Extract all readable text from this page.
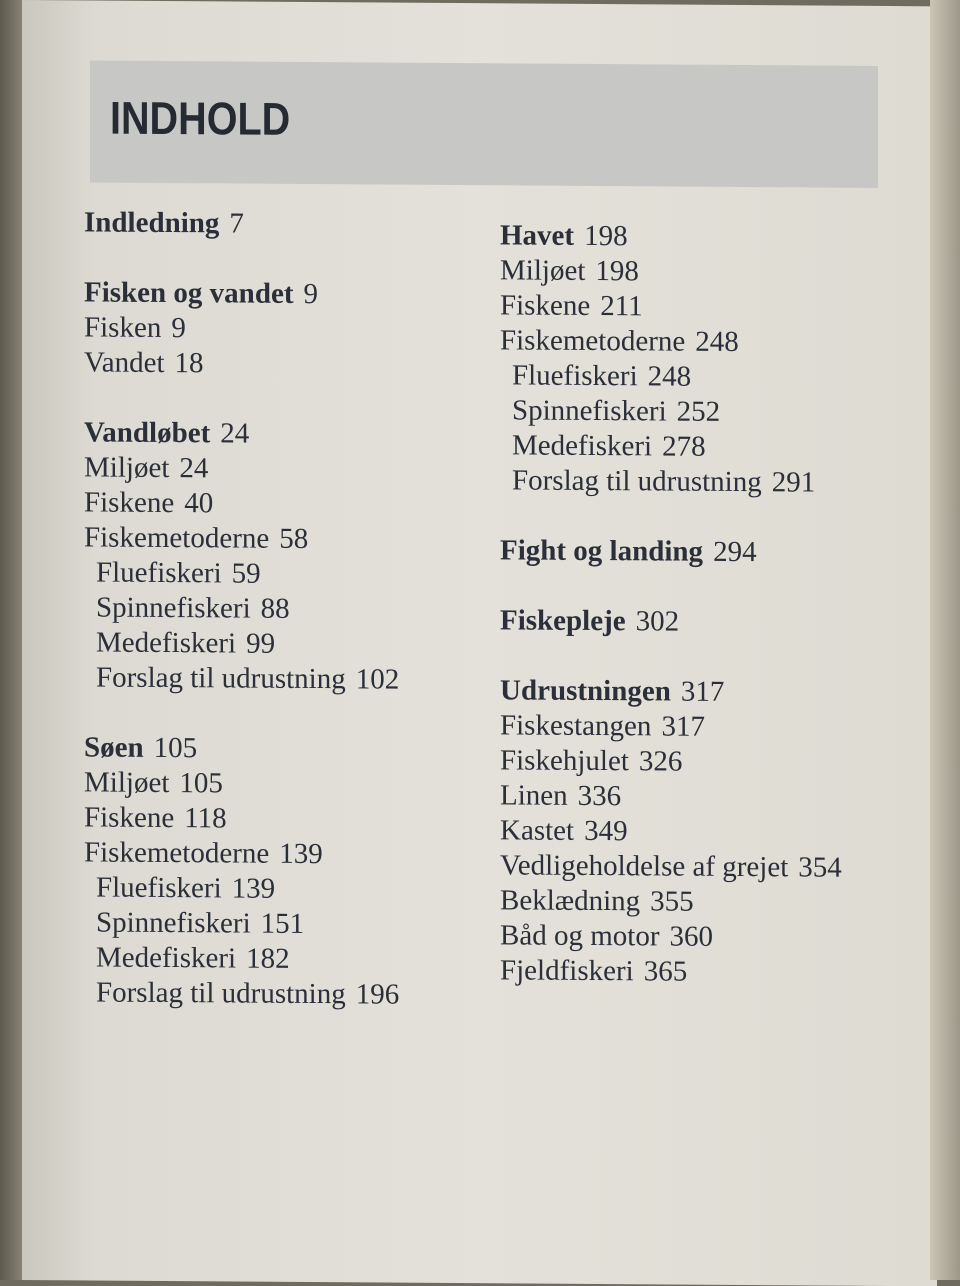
INDHOLD
Indledning 7
Fisken og vandet 9
Fisken 9
Vandet 18
Vandløbet 24
Miljøet 24
Fiskene 40
Fiskemetoderne 58
Fluefiskeri 59
Spinnefiskeri 88
Medefiskeri 99
Forslag til udrustning 102
Søen 105
Miljøet 105
Fiskene 118
Fiskemetoderne 139
Fluefiskeri 139
Spinnefiskeri 151
Medefiskeri 182
Forslag til udrustning 196
Havet 198
Miljøet 198
Fiskene 211
Fiskemetoderne 248
Fluefiskeri 248
Spinnefiskeri 252
Medefiskeri 278
Forslag til udrustning 291
Fight og landing 294
Fiskepleje 302
Udrustningen 317
Fiskestangen 317
Fiskehjulet 326
Linen 336
Kastet 349
Vedligeholdelse af grejet 354
Beklædning 355
Båd og motor 360
Fjeldfiskeri 365
